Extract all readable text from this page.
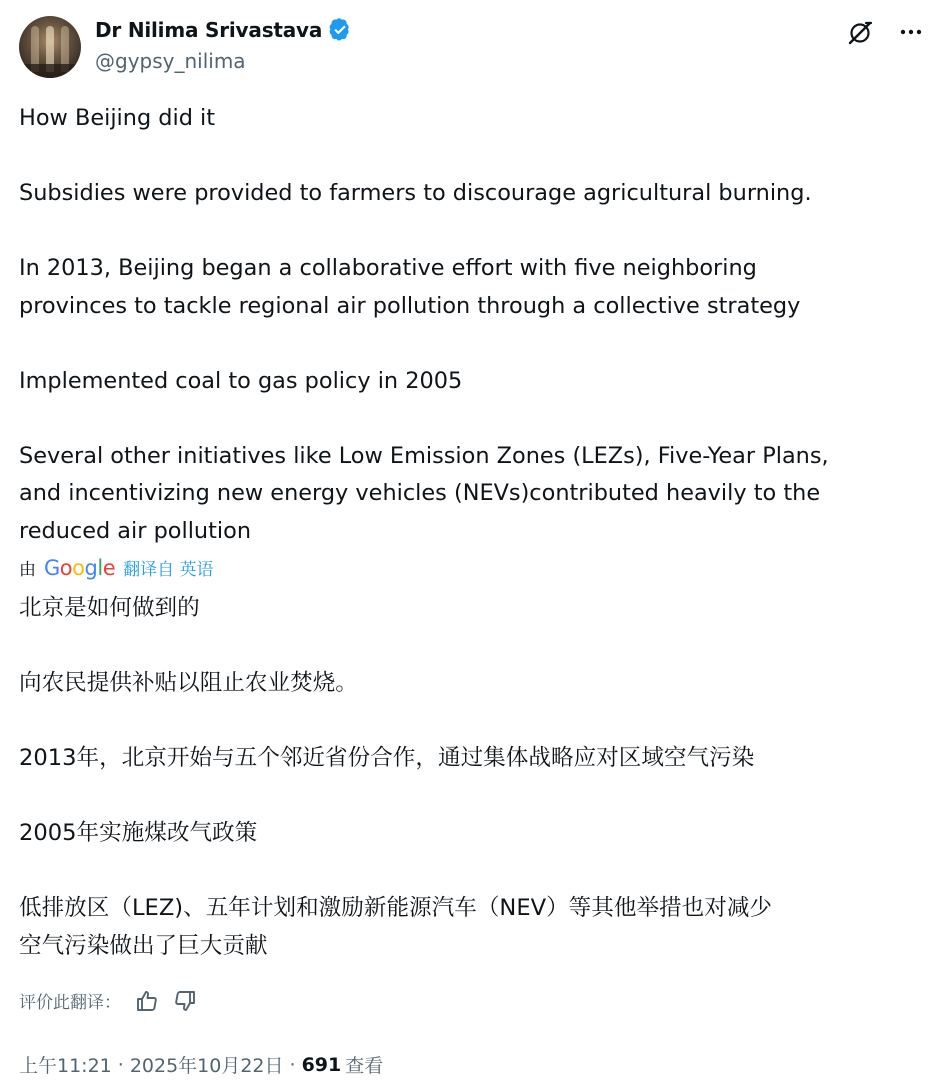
Dr Nilima Srivastava
@gypsy_nilima
How Beijing did it
Subsidies were provided to farmers to discourage agricultural burning.
In 2013, Beijing began a collaborative effort with five neighboring
provinces to tackle regional air pollution through a collective strategy
Implemented coal to gas policy in 2005
Several other initiatives like Low Emission Zones (LEZs), Five-Year Plans,
and incentivizing new energy vehicles (NEVs)contributed heavily to the
reduced air pollution
由 Google 翻译自 英语
北京是如何做到的
向农民提供补贴以阻止农业焚烧。
2013年，北京开始与五个邻近省份合作，通过集体战略应对区域空气污染
2005年实施煤改气政策
低排放区（LEZ)、五年计划和激励新能源汽车（NEV）等其他举措也对减少
空气污染做出了巨大贡献
评价此翻译：
上午11:21 · 2025年10月22日 · 691 查看
